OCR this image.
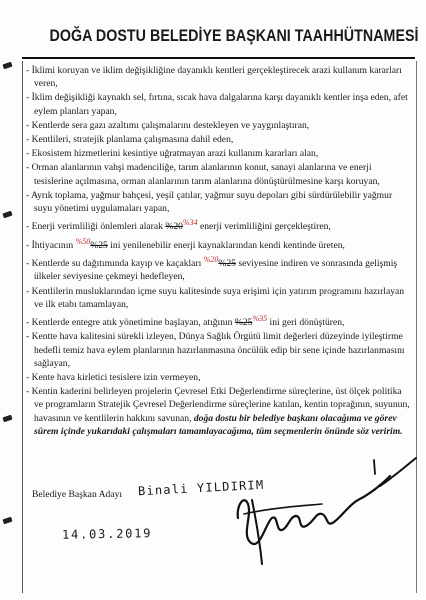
DOĞA DOSTU BELEDİYE BAŞKANI TAAHHÜTNAMESİ

- İklimi koruyan ve iklim değişikliğine dayanıklı kentleri gerçekleştirecek arazi kullanım kararları veren,

- İklim değişikliği kaynaklı sel, fırtına, sıcak hava dalgalarına karşı dayanıklı kentler inşa eden, afet eylem planları yapan,

- Kentlerde sera gazı azaltımı çalışmalarını destekleyen ve yaygınlaştıran,

- Kentlileri, stratejik planlama çalışmasına dahil eden,

- Ekosistem hizmetlerini kesintiye uğratmayan arazi kullanım kararları alan,

- Orman alanlarının vahşi madenciliğe, tarım alanlarının konut, sanayi alanlarına ve enerji tesislerine açılmasına, orman alanlarının tarım alanlarına dönüştürülmesine karşı koruyan,

- Ayrık toplama, yağmur bahçesi, yeşil çatılar, yağmur suyu depoları gibi sürdürülebilir yağmur suyu yönetimi uygulamaları yapan,

- Enerji verimliliği önlemleri alarak $\%20^{\%34}$ enerji verimliliğini gerçekleştiren,

- İhtiyacının $^{\%50}$%25 ini yenilenebilir enerji kaynaklarından kendi kentinde üreten,

- Kentlerde su dağıtımında kayıp ve kaçakları $^{\%20}$%25 seviyesine indiren ve sonrasında gelişmiş ülkeler seviyesine çekmeyi hedefleyen,

- Kentlilerin musluklarından içme suyu kalitesinde suya erişimi için yatırım programını hazırlayan ve ilk etabı tamamlayan,

- Kentlerde entegre atık yönetimine başlayan, atığının $\%25^{\%35}$ ini geri dönüştüren,

- Kentte hava kalitesini sürekli izleyen, Dünya Sağlık Örgütü limit değerleri düzeyinde iyileştirme hedefli temiz hava eylem planlarının hazırlanmasına öncülük edip bir sene içinde hazırlanmasını sağlayan,

- Kente hava kirletici tesislere izin vermeyen,

- Kentin kaderini belirleyen projelerin Çevresel Etki Değerlendirme süreçlerine, üst ölçek politika ve programların Stratejik Çevresel Değerlendirme süreçlerine katılan, kentin toprağının, suyunun, havasının ve kentlilerin hakkını savunan, doğa dostu bir belediye başkanı olacağıma ve görev sürem içinde yukarıdaki çalışmaları tamamlayacağıma, tüm seçmenlerin önünde söz veririm.

Belediye Başkan Adayı Binali YILDIRIM
14.03.2019
